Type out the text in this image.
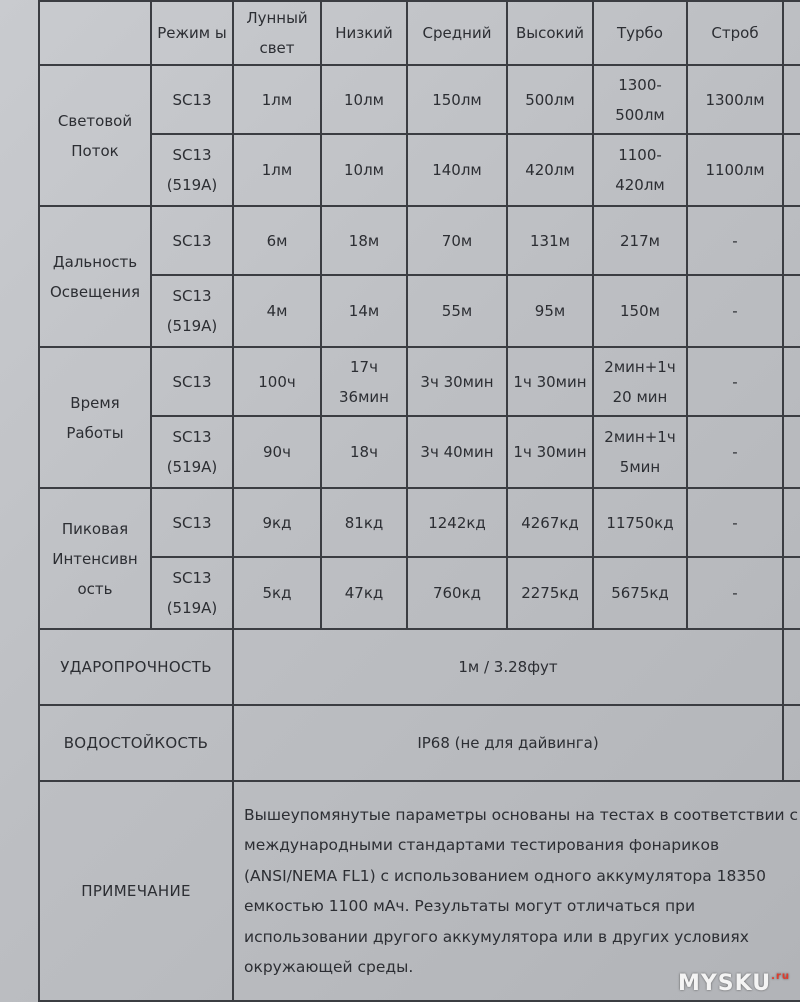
	Режим ы	Лунный свет	Низкий	Средний	Высокий	Турбо	Строб	
Световой Поток	SC13	1лм	10лм	150лм	500лм	1300- 500лм	1300лм	
	SC13 (519A)	1лм	10лм	140лм	420лм	1100- 420лм	1100лм	
Дальность Освещения	SC13	6м	18м	70м	131м	217м	-	
	SC13 (519A)	4м	14м	55м	95м	150м	-	
Время Работы	SC13	100ч	17ч 36мин	3ч 30мин	1ч 30мин	2мин+1ч 20 мин	-	
	SC13 (519A)	90ч	18ч	3ч 40мин	1ч 30мин	2мин+1ч 5мин	-	
Пиковая Интенсивн ость	SC13	9кд	81кд	1242кд	4267кд	11750кд	-	
	SC13 (519A)	5кд	47кд	760кд	2275кд	5675кд	-	
УДАРОПРОЧНОСТЬ		1м / 3.28фут						
ВОДОСТОЙКОСТЬ		IP68 (не для дайвинга)						
ПРИМЕЧАНИЕ		Вышеупомянутые параметры основаны на тестах в соответствии с международными стандартами тестирования фонариков (ANSI/NEMA FL1) с использованием одного аккумулятора 18350 емкостью 1100 мАч. Результаты могут отличаться при использовании другого аккумулятора или в других условиях окружающей среды.						
$MYSKU^{.ru}$
